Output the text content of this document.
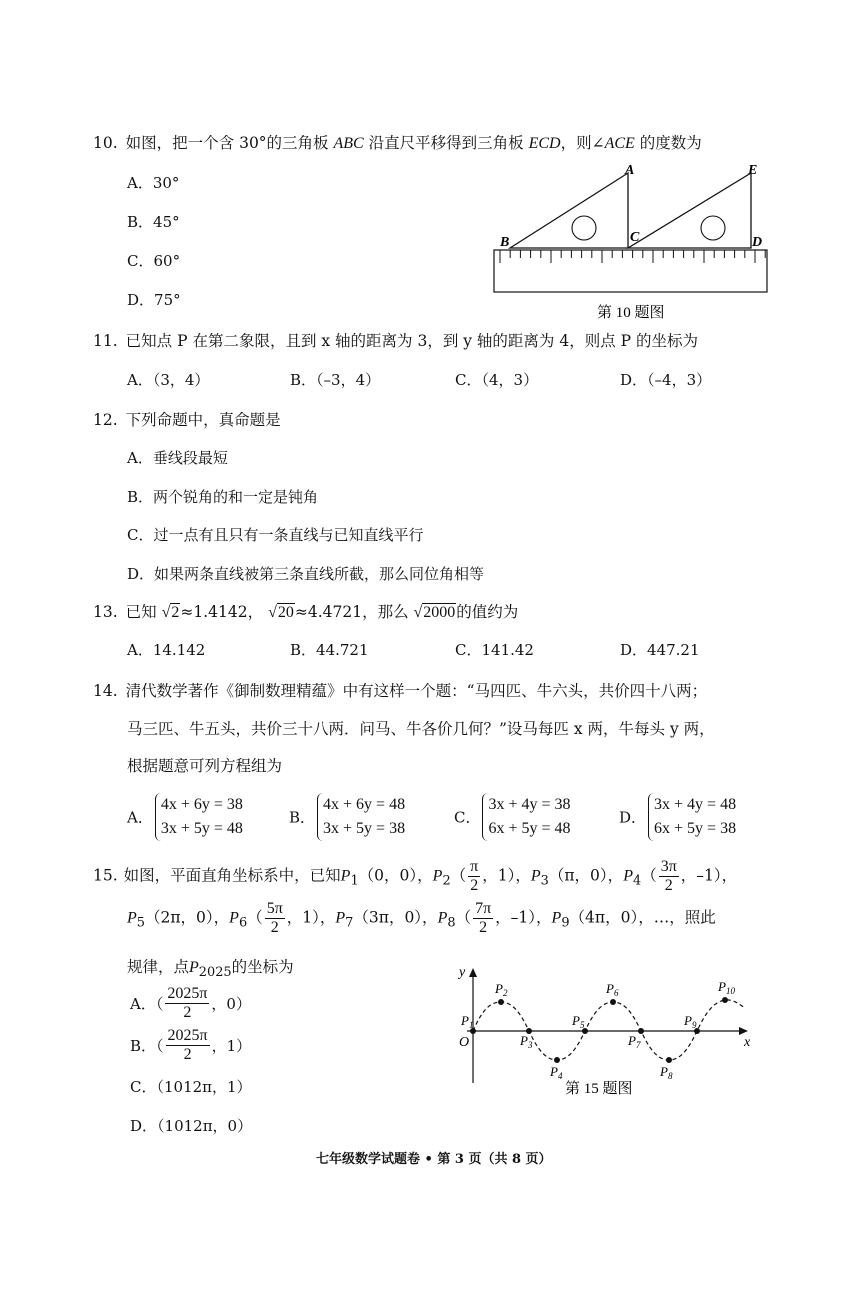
10. 如图，把一个含 30°的三角板 ABC 沿直尺平移得到三角板 ECD，则∠ACE 的度数为
A．30°
B．45°
C．60°
D．75°
A
B	C	D
E
第 10 题图
11. 已知点 P 在第二象限，且到 x 轴的距离为 3，到 y 轴的距离为 4，则点 P 的坐标为
A．（3，4）	B．（–3，4）	C．（4，3）	D．（–4，3）
12. 下列命题中，真命题是
A．垂线段最短
B．两个锐角的和一定是钝角
C．过一点有且只有一条直线与已知直线平行
D．如果两条直线被第三条直线所截，那么同位角相等
13. 已知 √2≈1.4142， √20≈4.4721，那么 √2000的值约为
A．14.142	B．44.721	C．141.42	D．447.21
14. 清代数学著作《御制数理精蕴》中有这样一个题：“马四匹、牛六头，共价四十八两；
马三匹、牛五头，共价三十八两．问马、牛各价几何？”设马每匹 x 两，牛每头 y 两，
根据题意可列方程组为
A．4x + 6y = 38
3x + 5y = 48
B．4x + 6y = 48
3x + 5y = 38
C．3x + 4y = 38
6x + 5y = 48
D．3x + 4y = 48
6x + 5y = 38
15. 如图，平面直角坐标系中，已知$P_1(0$，0），$P_2( \frac{\pi}{2}$ ，1），$P_3(\pi$，0），$P_4( \frac{3\pi}{2}$ ，–1），
$P_5(2\pi$，0），$P_6( \frac{5\pi}{2}$ ，1），$P_7(3\pi$，0），$P_8( \frac{7\pi}{2}$ ，–1），$P_9(4\pi$，0），…，照此
规律，点$P_{2025}$的坐标为
A．（ $\frac{2025\pi}{2}$ ，0）
B．（ $\frac{2025\pi}{2}$ ，1）
C．（1012π，1）
D．（1012π，0）
$P_1$
$P_2$
$P_3$
$P_4$
$P_5$
$P_6$
$P_7$
$P_8$
$P_9$
$P_{10}$
x
y
O
第 15 题图
七年级数学试题卷 • 第 3 页（共 8 页）
